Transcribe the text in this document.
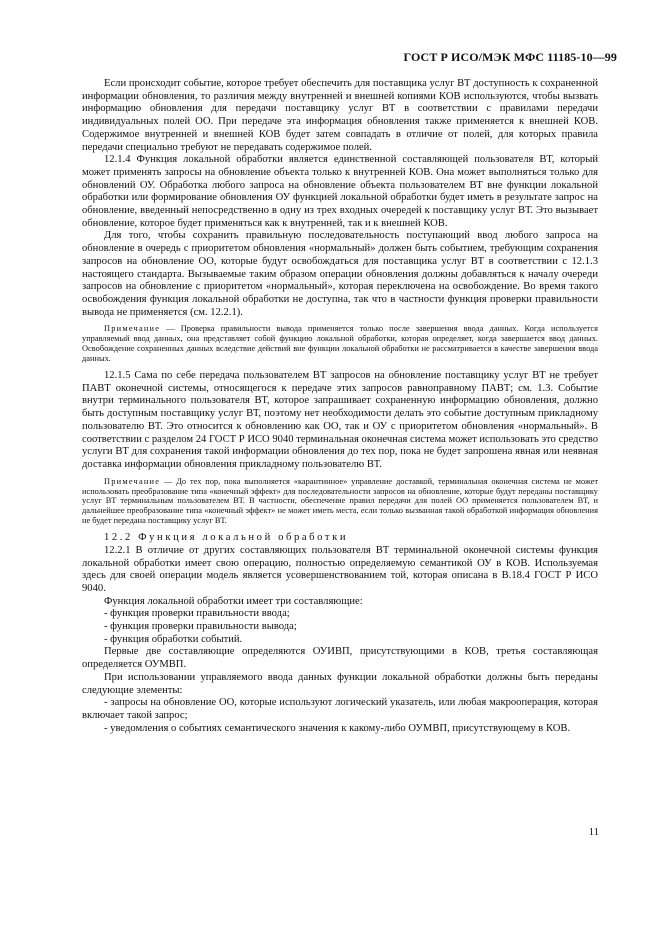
ГОСТ Р ИСО/МЭК МФС 11185-10—99

Если происходит событие, которое требует обеспечить для поставщика услуг ВТ доступность к сохраненной информации обновления, то различия между внутренней и внешней копиями КОВ используются, чтобы вызвать информацию обновления для передачи поставщику услуг ВТ в соответствии с правилами передачи индивидуальных полей ОО. При передаче эта информация обновления также применяется к внешней КОВ. Содержимое внутренней и внешней КОВ будет затем совпадать в отличие от полей, для которых правила передачи специально требуют не передавать содержимое полей.

12.1.4 Функция локальной обработки является единственной составляющей пользователя ВТ, который может применять запросы на обновление объекта только к внутренней КОВ. Она может выполняться только для обновлений ОУ. Обработка любого запроса на обновление объекта пользователем ВТ вне функции локальной обработки или формирование обновления ОУ функцией локальной обработки будет иметь в результате запрос на обновление, введенный непосредственно в одну из трех входных очередей к поставщику услуг ВТ. Это вызывает обновление, которое будет применяться как к внутренней, так и к внешней КОВ.

Для того, чтобы сохранить правильную последовательность поступающий ввод любого запроса на обновление в очередь с приоритетом обновления «нормальный» должен быть событием, требующим сохранения запросов на обновление ОО, которые будут освобождаться для поставщика услуг ВТ в соответствии с 12.1.3 настоящего стандарта. Вызываемые таким образом операции обновления должны добавляться к началу очереди запросов на обновление с приоритетом «нормальный», которая переключена на освобождение. Во время такого освобождения функция локальной обработки не доступна, так что в частности функция проверки правильности вывода не применяется (см. 12.2.1).

Примечание — Проверка правильности вывода применяется только после завершения ввода данных. Когда используется управляемый ввод данных, она представляет собой функцию локальной обработки, которая определяет, когда завершается ввод данных. Освобождение сохраненных данных вследствие действий вне функции локальной обработки не рассматривается в качестве завершения ввода данных.

12.1.5 Сама по себе передача пользователем ВТ запросов на обновление поставщику услуг ВТ не требует ПАВТ оконечной системы, относящегося к передаче этих запросов равноправному ПАВТ; см. 1.3. Событие внутри терминального пользователя ВТ, которое запрашивает сохраненную информацию обновления, должно быть доступным поставщику услуг ВТ, поэтому нет необходимости делать это событие доступным прикладному пользователю ВТ. Это относится к обновлению как ОО, так и ОУ с приоритетом обновления «нормальный». В соответствии с разделом 24 ГОСТ Р ИСО 9040 терминальная оконечная система может использовать это средство услуги ВТ для сохранения такой информации обновления до тех пор, пока не будет запрошена явная или неявная доставка информации обновления прикладному пользователю ВТ.

Примечание — До тех пор, пока выполняется «карантинное» управление доставкой, терминальная оконечная система не может использовать преобразование типа «конечный эффект» для последовательности запросов на обновление, которые будут переданы поставщику услуг ВТ терминальным пользователем ВТ. В частности, обеспечение правил передачи для полей ОО применяется пользователем ВТ, и дальнейшее преобразование типа «конечный эффект» не может иметь места, если только вызванная такой обработкой информация обновления не будет передана поставщику услуг ВТ.

12.2 Функция локальной обработки

12.2.1 В отличие от других составляющих пользователя ВТ терминальной оконечной системы функция локальной обработки имеет свою операцию, полностью определяемую семантикой ОУ в КОВ. Используемая здесь для своей операции модель является усовершенствованием той, которая описана в В.18.4 ГОСТ Р ИСО 9040.

Функция локальной обработки имеет три составляющие:

- функция проверки правильности ввода;

- функция проверки правильности вывода;

- функция обработки событий.

Первые две составляющие определяются ОУИВП, присутствующими в КОВ, третья составляющая определяется ОУМВП.

При использовании управляемого ввода данных функции локальной обработки должны быть переданы следующие элементы:

- запросы на обновление ОО, которые используют логический указатель, или любая макрооперация, которая включает такой запрос;

- уведомления о событиях семантического значения к какому-либо ОУМВП, присутствующему в КОВ.

11
